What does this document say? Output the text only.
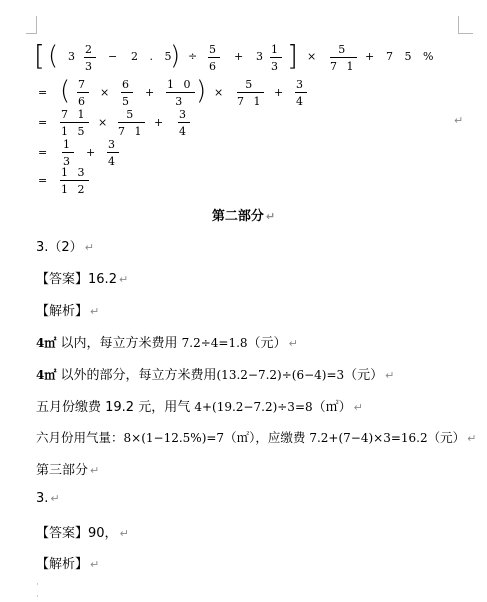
[ ( $3 \frac{2}{3} - 2$ . 5
) ÷ $\frac{5}{6} + 3 \frac{1}{3}$ ] × $\frac{5}{7 1} + 7$ 5 %
= ( $\frac{7}{6} \times \frac{6}{5} + \frac{1 0}{3}$ ) × $\frac{5}{7 1} + \frac{3}{4}$
= $\frac{7 1}{1 5} \times \frac{5}{7 1} + \frac{3}{4}$	↵
= $\frac{1}{3} + \frac{3}{4}$
= $\frac{1 3}{1 2}$
第二部分 ↵
3.（2） ↵
【答案】16.2 ↵
【解析】 ↵
4㎡ 以内，每立方米费用 7.2÷4=1.8（元） ↵
4㎡ 以外的部分，每立方米费用(13.2−7.2)÷(6−4)=3（元） ↵
五月份缴费 19.2 元，用气 4+(19.2−7.2)÷3=8（㎡） ↵
六月份用气量：8×(1−12.5%)=7（㎡），应缴费 7.2+(7−4)×3=16.2（元） ↵
第三部分 ↵
3. ↵
【答案】90， ↵
【解析】 ↵
·
·
